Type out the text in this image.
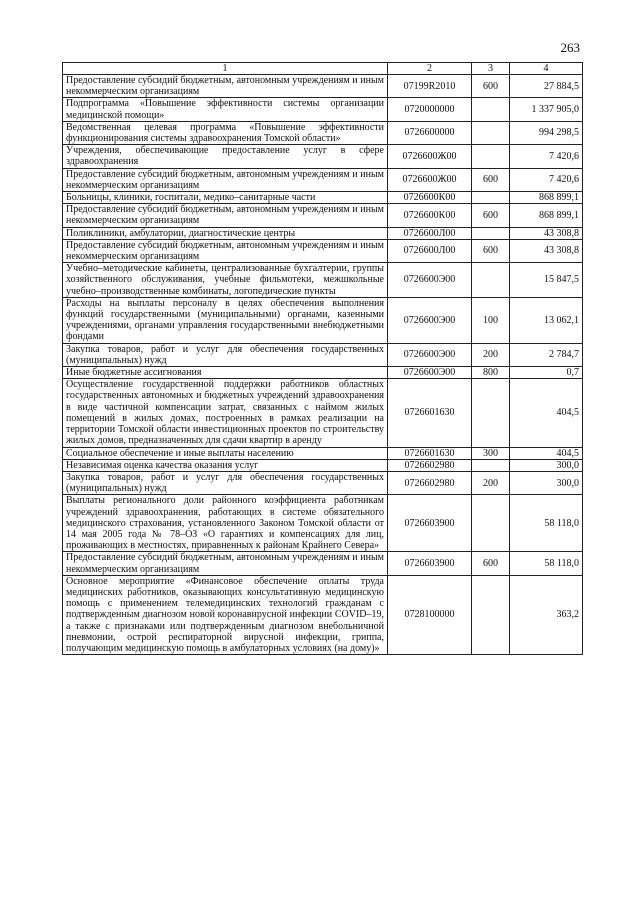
263
1	2	3	4
Предоставление субсидий бюджетным, автономным учреждениям и иным некоммерческим организациям	07199R2010	600	27 884,5
Подпрограмма «Повышение эффективности системы организации медицинской помощи»	0720000000		1 337 905,0
Ведомственная целевая программа «Повышение эффективности функционирования системы здравоохранения Томской области»	0726600000		994 298,5
Учреждения, обеспечивающие предоставление услуг в сфере здравоохранения	0726600Ж00		7 420,6
Предоставление субсидий бюджетным, автономным учреждениям и иным некоммерческим организациям	0726600Ж00	600	7 420,6
Больницы, клиники, госпитали, медико–санитарные части	0726600К00		868 899,1
Предоставление субсидий бюджетным, автономным учреждениям и иным некоммерческим организациям	0726600К00	600	868 899,1
Поликлиники, амбулатории, диагностические центры	0726600Л00		43 308,8
Предоставление субсидий бюджетным, автономным учреждениям и иным некоммерческим организациям	0726600Л00	600	43 308,8
Учебно–методические кабинеты, централизованные бухгалтерии, группы хозяйственного обслуживания, учебные фильмотеки, межшкольные учебно–производственные комбинаты, логопедические пункты	0726600Э00		15 847,5
Расходы на выплаты персоналу в целях обеспечения выполнения функций государственными (муниципальными) органами, казенными учреждениями, органами управления государственными внебюджетными фондами	0726600Э00	100	13 062,1
Закупка товаров, работ и услуг для обеспечения государственных (муниципальных) нужд	0726600Э00	200	2 784,7
Иные бюджетные ассигнования	0726600Э00	800	0,7
Осуществление государственной поддержки работников областных государственных автономных и бюджетных учреждений здравоохранения в виде частичной компенсации затрат, связанных с наймом жилых помещений в жилых домах, построенных в рамках реализации на территории Томской области инвестиционных проектов по строительству жилых домов, предназначенных для сдачи квартир в аренду	0726601630		404,5
Социальное обеспечение и иные выплаты населению	0726601630	300	404,5
Независимая оценка качества оказания услуг	0726602980		300,0
Закупка товаров, работ и услуг для обеспечения государственных (муниципальных) нужд	0726602980	200	300,0
Выплаты регионального доли районного коэффициента работникам учреждений здравоохранения, работающих в системе обязательного медицинского страхования, установленного Законом Томской области от 14 мая 2005 года № 78–ОЗ «О гарантиях и компенсациях для лиц, проживающих в местностях, приравненных к районам Крайнего Севера»	0726603900		58 118,0
Предоставление субсидий бюджетным, автономным учреждениям и иным некоммерческим организациям	0726603900	600	58 118,0
Основное мероприятие «Финансовое обеспечение оплаты труда медицинских работников, оказывающих консультативную медицинскую помощь с применением телемедицинских технологий гражданам с подтвержденным диагнозом новой коронавирусной инфекции COVID–19, а также с признаками или подтвержденным диагнозом внебольничной пневмонии, острой респираторной вирусной инфекции, гриппа, получающим медицинскую помощь в амбулаторных условиях (на дому)»	0728100000		363,2
